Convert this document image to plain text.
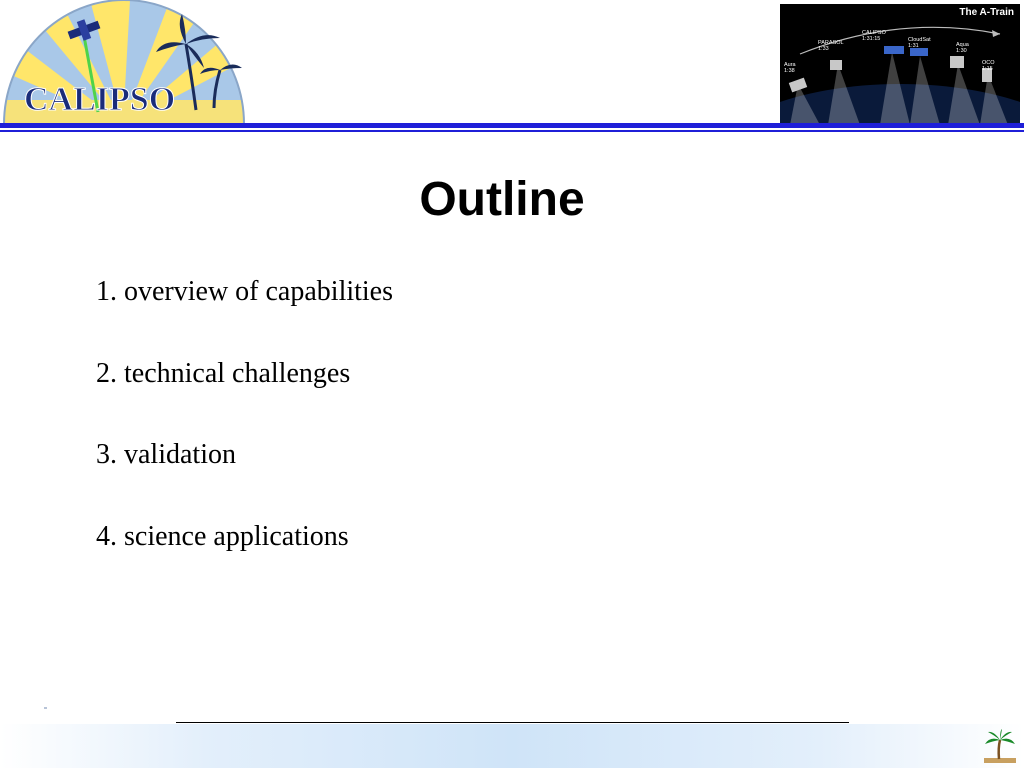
CALIPSO
The A-Train
Aura
1:38
PARASOL
1:33
CALIPSO
1:31:15	CloudSat
1:31	Aqua
1:30
OCO
1:15
Outline
1. overview of capabilities
2. technical challenges
3. validation
4. science applications
